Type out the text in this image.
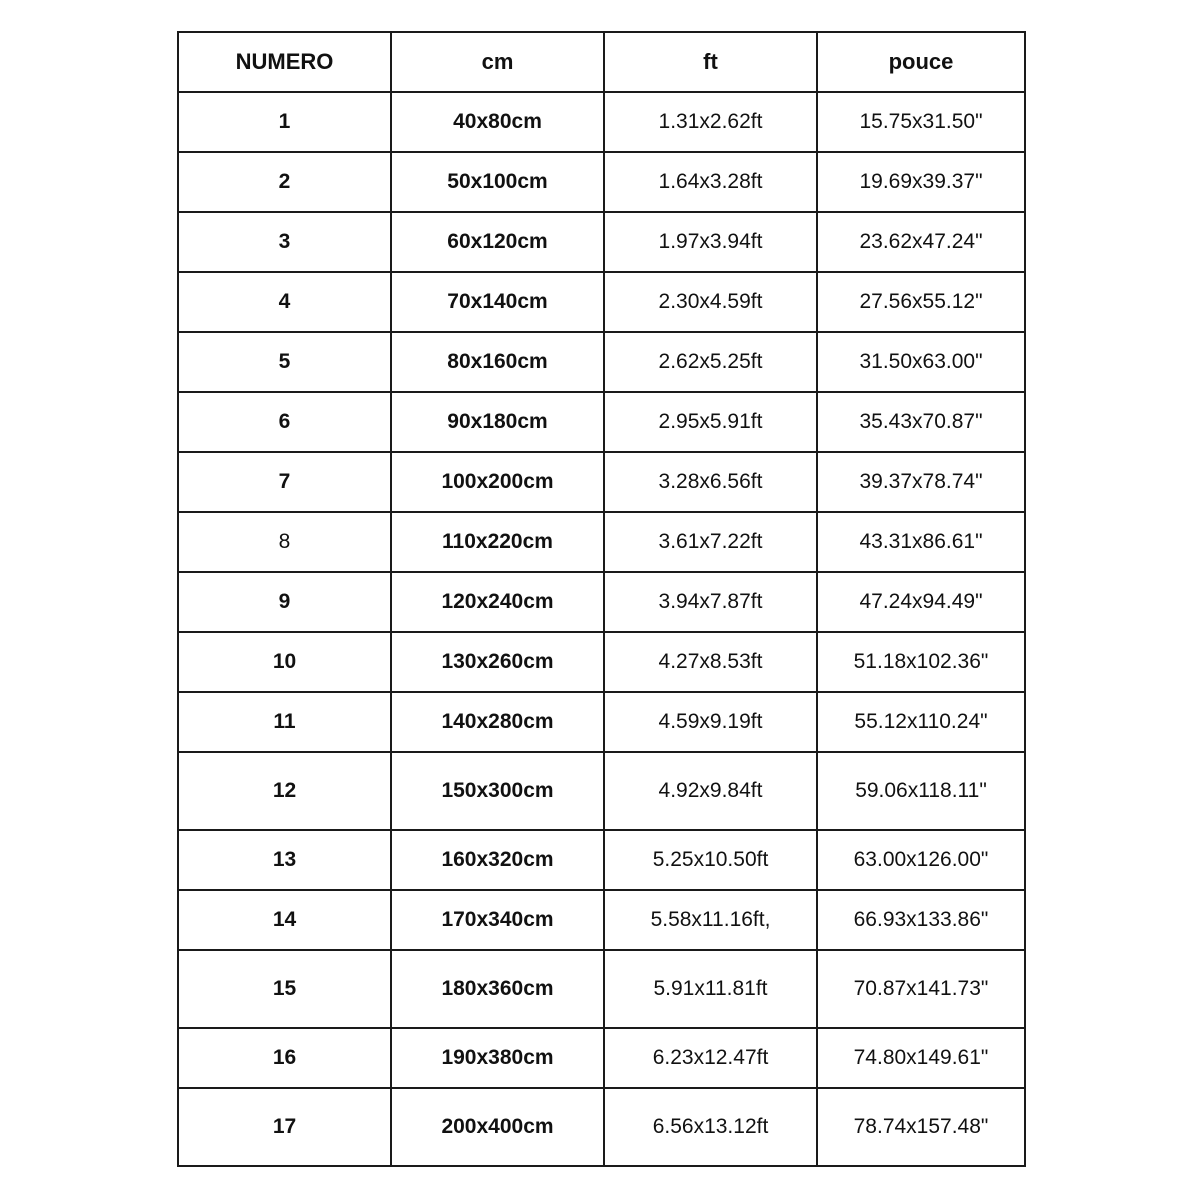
NUMERO	cm	ft	pouce
1	40x80cm	1.31x2.62ft	15.75x31.50"
2	50x100cm	1.64x3.28ft	19.69x39.37"
3	60x120cm	1.97x3.94ft	23.62x47.24"
4	70x140cm	2.30x4.59ft	27.56x55.12"
5	80x160cm	2.62x5.25ft	31.50x63.00"
6	90x180cm	2.95x5.91ft	35.43x70.87"
7	100x200cm	3.28x6.56ft	39.37x78.74"
8	110x220cm	3.61x7.22ft	43.31x86.61"
9	120x240cm	3.94x7.87ft	47.24x94.49"
10	130x260cm	4.27x8.53ft	51.18x102.36"
11	140x280cm	4.59x9.19ft	55.12x110.24"
12	150x300cm	4.92x9.84ft	59.06x118.11"
13	160x320cm	5.25x10.50ft	63.00x126.00"
14	170x340cm	5.58x11.16ft,	66.93x133.86"
15	180x360cm	5.91x11.81ft	70.87x141.73"
16	190x380cm	6.23x12.47ft	74.80x149.61"
17	200x400cm	6.56x13.12ft	78.74x157.48"
